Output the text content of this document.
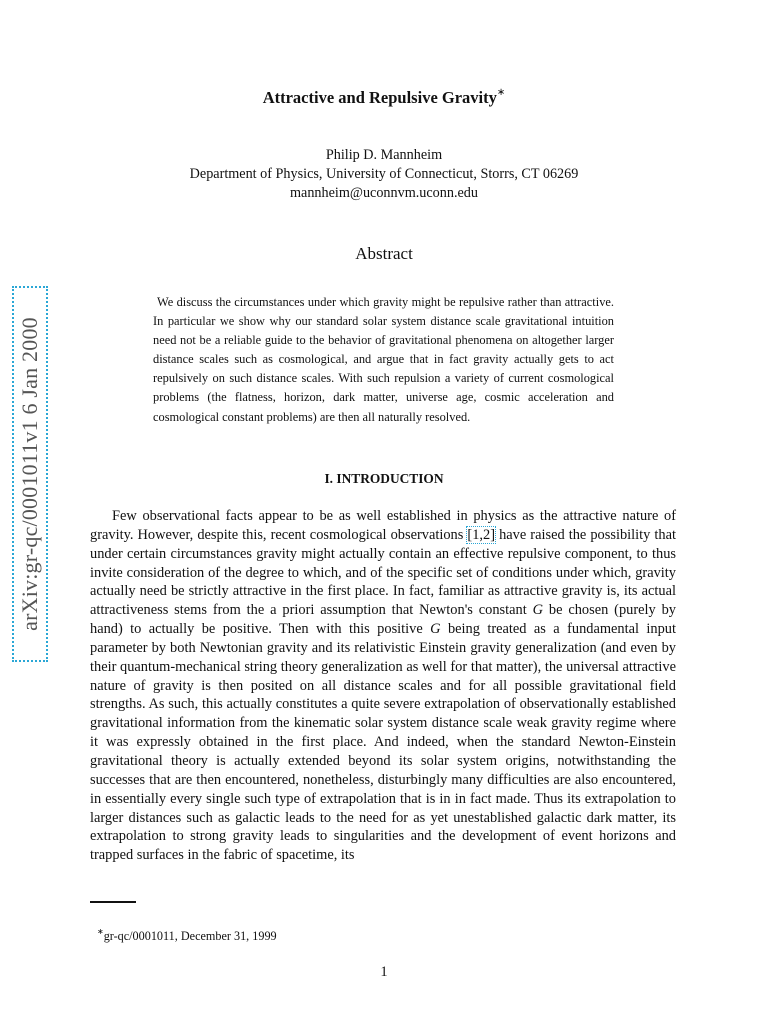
arXiv:gr-qc/0001011v1 6 Jan 2000
Attractive and Repulsive Gravity∗
Philip D. Mannheim
Department of Physics, University of Connecticut, Storrs, CT 06269
mannheim@uconnvm.uconn.edu
Abstract
We discuss the circumstances under which gravity might be repulsive rather than attractive. In particular we show why our standard solar system distance scale gravitational intuition need not be a reliable guide to the behavior of gravitational phenomena on altogether larger distance scales such as cosmological, and argue that in fact gravity actually gets to act repulsively on such distance scales. With such repulsion a variety of current cosmological problems (the flatness, horizon, dark matter, universe age, cosmic acceleration and cosmological constant problems) are then all naturally resolved.
I. INTRODUCTION
Few observational facts appear to be as well established in physics as the attractive nature of gravity. However, despite this, recent cosmological observations [1,2] have raised the possibility that under certain circumstances gravity might actually contain an effective repulsive component, to thus invite consideration of the degree to which, and of the specific set of conditions under which, gravity actually need be strictly attractive in the first place. In fact, familiar as attractive gravity is, its actual attractiveness stems from the a priori assumption that Newton's constant G be chosen (purely by hand) to actually be positive. Then with this positive G being treated as a fundamental input parameter by both Newtonian gravity and its relativistic Einstein gravity generalization (and even by their quantum-mechanical string theory generalization as well for that matter), the universal attractive nature of gravity is then posited on all distance scales and for all possible gravitational field strengths. As such, this actually constitutes a quite severe extrapolation of observationally established gravitational information from the kinematic solar system distance scale weak gravity regime where it was expressly obtained in the first place. And indeed, when the standard Newton-Einstein gravitational theory is actually extended beyond its solar system origins, notwithstanding the successes that are then encountered, nonetheless, disturbingly many difficulties are also encountered, in essentially every single such type of extrapolation that is in in fact made. Thus its extrapolation to larger distances such as galactic leads to the need for as yet unestablished galactic dark matter, its extrapolation to strong gravity leads to singularities and the development of event horizons and trapped surfaces in the fabric of spacetime, its
∗gr-qc/0001011, December 31, 1999
1
